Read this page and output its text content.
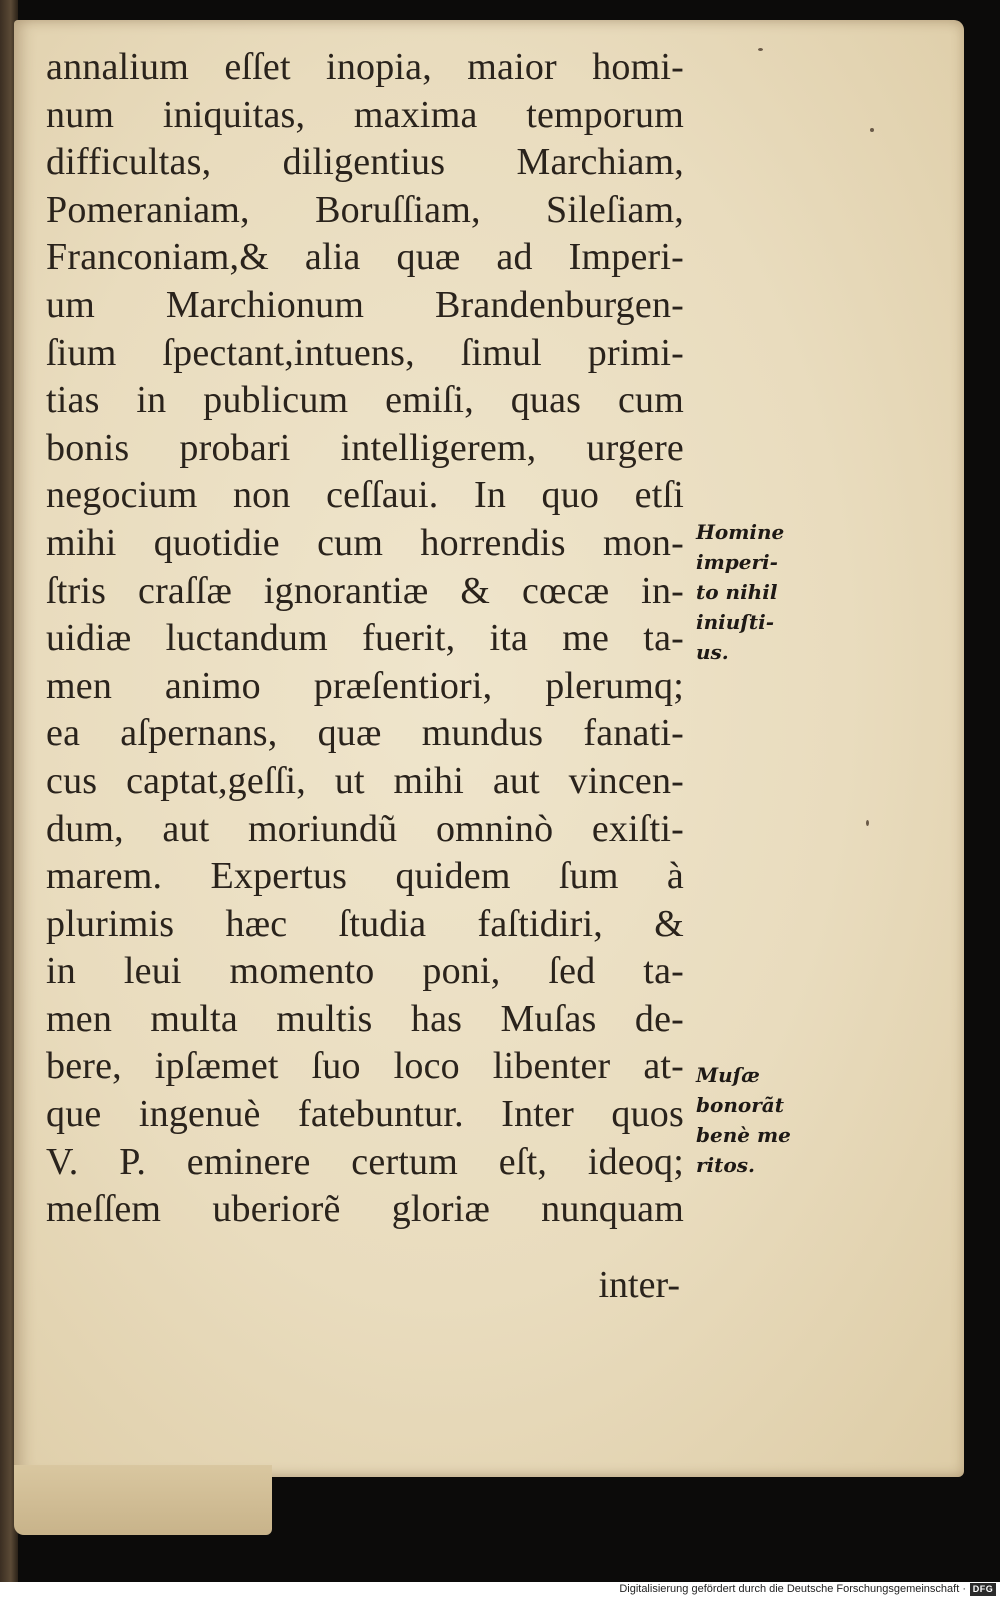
annalium eſſet inopia, maior homi-
num iniquitas, maxima temporum
difficultas, diligentius Marchiam,
Pomeraniam, Boruſſiam, Sileſiam,
Franconiam,& alia quæ ad Imperi-
um Marchionum Brandenburgen-
ſium ſpectant,intuens, ſimul primi-
tias in publicum emiſi, quas cum
bonis probari intelligerem, urgere
negocium non ceſſaui. In quo etſi
mihi quotidie cum horrendis mon-
ſtris craſſæ ignorantiæ & cœcæ in-
uidiæ luctandum fuerit, ita me ta-
men animo præſentiori, plerumq;
ea aſpernans, quæ mundus fanati-
cus captat,geſſi, ut mihi aut vincen-
dum, aut moriundũ omninò exiſti-
marem. Expertus quidem ſum à
plurimis hæc ſtudia faſtidiri, &
in leui momento poni, ſed ta-
men multa multis has Muſas de-
bere, ipſæmet ſuo loco libenter at-
que ingenuè fatebuntur. Inter quos
V. P. eminere certum eſt, ideoq;
meſſem uberiorẽ gloriæ nunquam
inter-
Homine
imperi-
to nihil
iniuſti-
us.
Muſæ
bonorãt
benè me
ritos.
Digitalisierung gefördert durch die Deutsche Forschungsgemeinschaft · DFG
